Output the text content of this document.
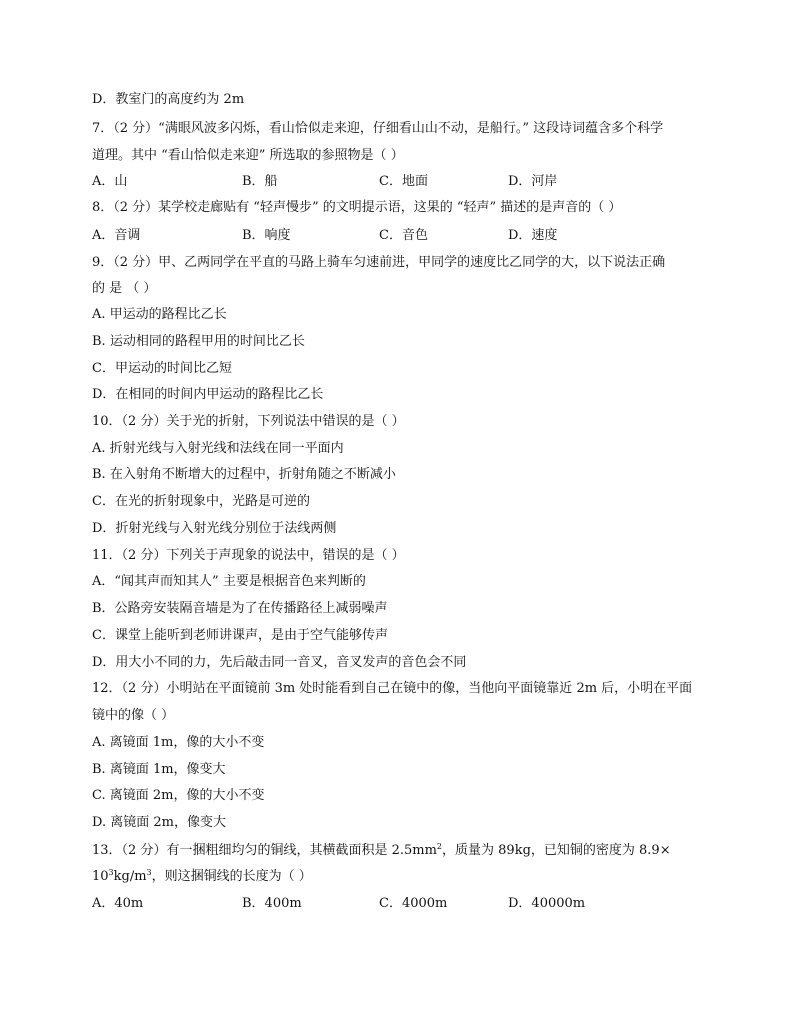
D．教室门的高度约为 2m
7．（2 分）“满眼风波多闪烁，看山恰似走来迎，仔细看山山不动，是船行。” 这段诗词蕴含多个科学
道理。其中 “看山恰似走来迎” 所选取的参照物是（ ）
A．山	B．船	C．地面	D．河岸
8．（2 分）某学校走廊贴有 “轻声慢步” 的文明提示语，这果的 “轻声” 描述的是声音的（ ）
A．音调	B．响度	C．音色	D．速度
9．（2 分）甲、乙两同学在平直的马路上骑车匀速前进，甲同学的速度比乙同学的大，以下说法正确
的 是 （ ）
A. 甲运动的路程比乙长
B. 运动相同的路程甲用的时间比乙长
C．甲运动的时间比乙短
D．在相同的时间内甲运动的路程比乙长
10．（2 分）关于光的折射，下列说法中错误的是（ ）
A. 折射光线与入射光线和法线在同一平面内
B. 在入射角不断增大的过程中，折射角随之不断减小
C．在光的折射现象中，光路是可逆的
D．折射光线与入射光线分别位于法线两侧
11．（2 分）下列关于声现象的说法中，错误的是（ ）
A．“闻其声而知其人” 主要是根据音色来判断的
B．公路旁安装隔音墙是为了在传播路径上减弱噪声
C．课堂上能听到老师讲课声，是由于空气能够传声
D．用大小不同的力，先后敲击同一音叉，音叉发声的音色会不同
12．（2 分）小明站在平面镜前 3m 处时能看到自己在镜中的像，当他向平面镜靠近 2m 后，小明在平面
镜中的像（ ）
A. 离镜面 1m，像的大小不变
B. 离镜面 1m，像变大
C. 离镜面 2m，像的大小不变
D. 离镜面 2m，像变大
13．（2 分）有一捆粗细均匀的铜线，其横截面积是 $2.5mm^2$，质量为 89kg，已知铜的密度为 8.9×
$10^3kg/m^3$，则这捆铜线的长度为（ ）
A．40m	B．400m	C．4000m	D．40000m
